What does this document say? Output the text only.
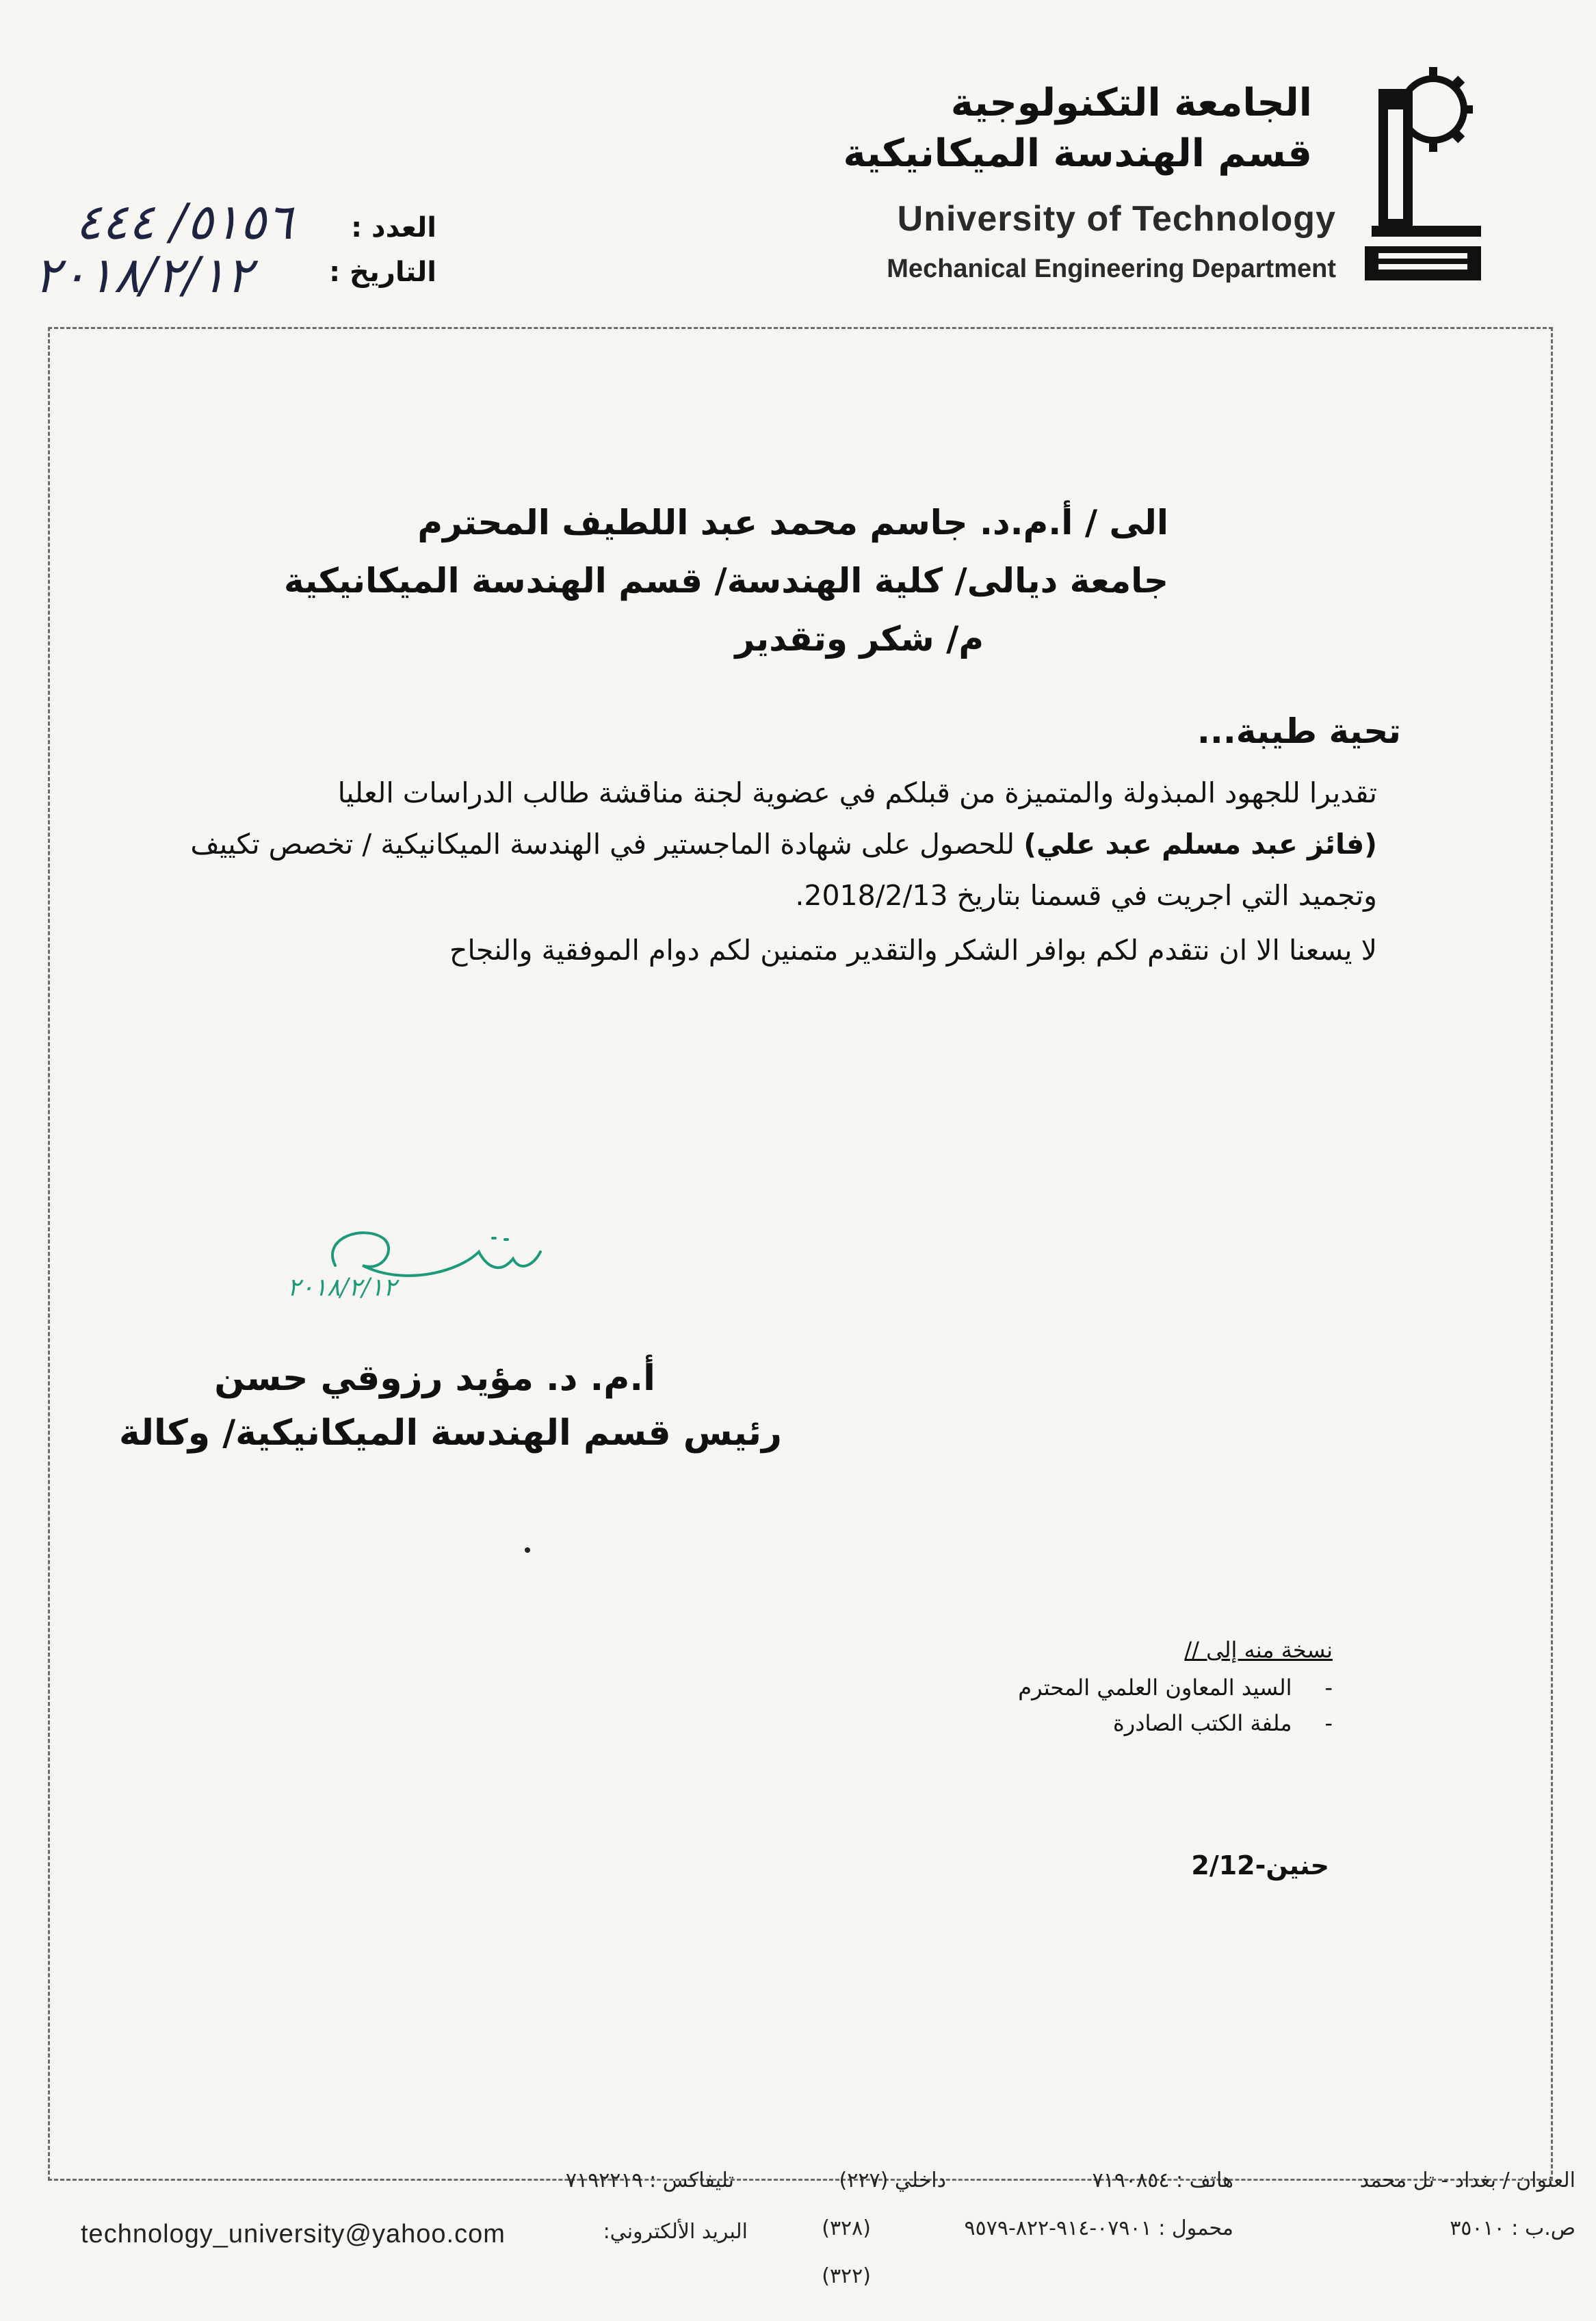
الجامعة التكنولوجية
قسم الهندسة الميكانيكية
University of Technology
Mechanical Engineering Department
العدد :
٥١٥٦/ ٤٤٤
التاريخ :
٢٠١٨/٢/١٢
الى / أ.م.د. جاسم محمد عبد اللطيف المحترم
جامعة ديالى/ كلية الهندسة/ قسم الهندسة الميكانيكية
م/ شكر وتقدير
تحية طيبة...
تقديرا للجهود المبذولة والمتميزة من قبلكم في عضوية لجنة مناقشة طالب الدراسات العليا
(فائز عبد مسلم عبد علي) للحصول على شهادة الماجستير في الهندسة الميكانيكية / تخصص تكييف
وتجميد التي اجريت في قسمنا بتاريخ 2018/2/13.
لا يسعنا الا ان نتقدم لكم بوافر الشكر والتقدير متمنين لكم دوام الموفقية والنجاح
٢٠١٨/٢/١٢
أ.م. د. مؤيد رزوقي حسن
رئيس قسم الهندسة الميكانيكية/ وكالة
نسخة منه إلى //
-السيد المعاون العلمي المحترم
-ملفة الكتب الصادرة
حنين-2/12
العنوان / بغداد - تل محمد
هاتف : ٧١٩٠٨٥٤
داخلي (٢٢٧)
تليفاكس : ٧١٩٢٢١٩
ص.ب : ٣٥٠١٠
محمول : ٠٧٩٠١-٩١٤-٨٢٢-٩٥٧٩
(٣٢٨)
(٣٢٢)
البريد الألكتروني:
technology_university@yahoo.com
